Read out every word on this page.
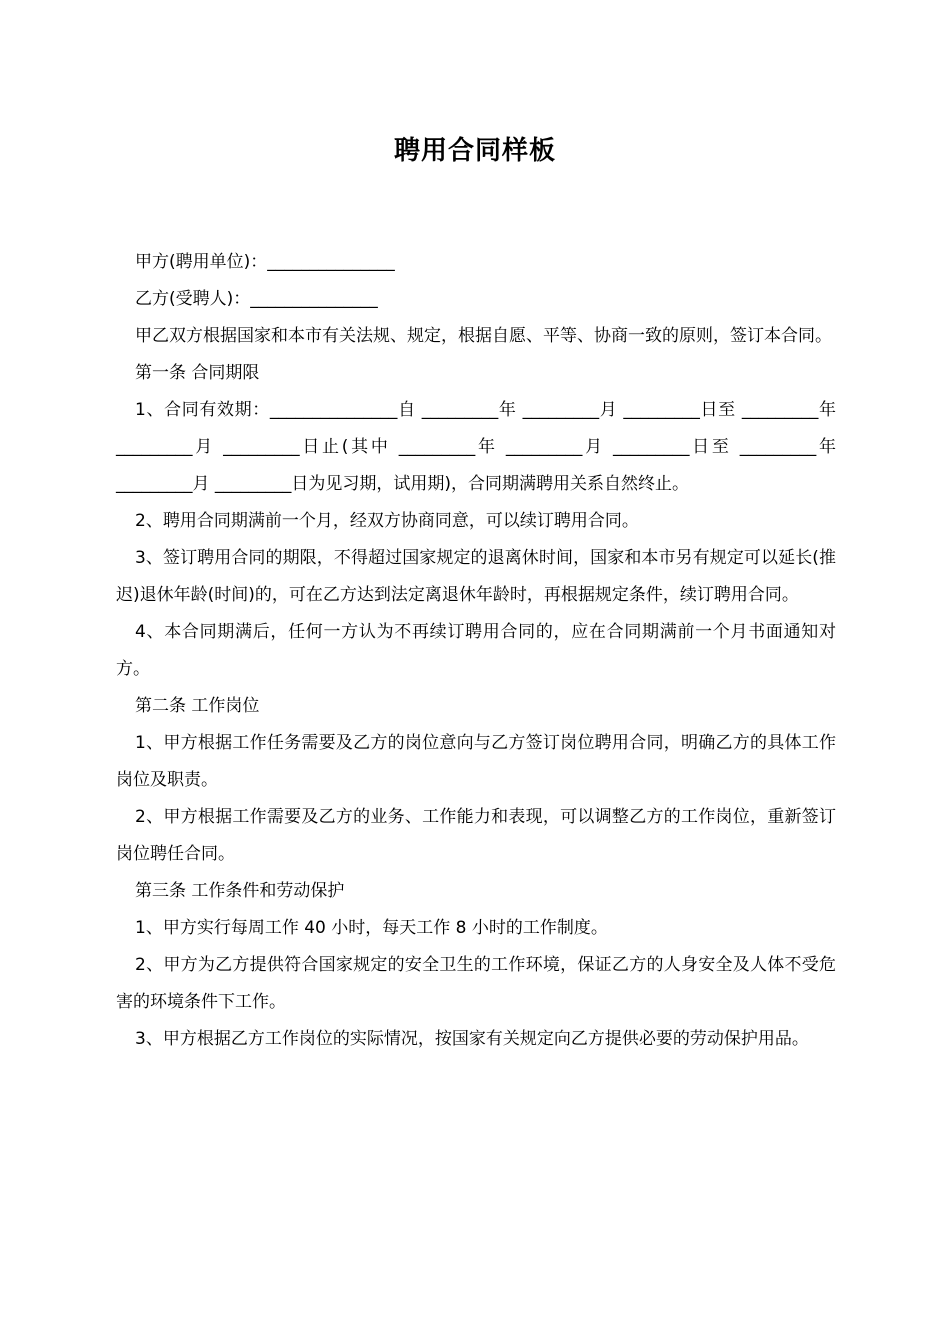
聘用合同样板

甲方(聘用单位)：_______________

乙方(受聘人)：_______________

甲乙双方根据国家和本市有关法规、规定，根据自愿、平等、协商一致的原则，签订本合同。

第一条 合同期限

1、合同有效期：_______________自 _________年 _________月 _________日至 _________年 _________月 _________日止(其中 _________年 _________月 _________日至 _________年 _________月 _________日为见习期，试用期)，合同期满聘用关系自然终止。

2、聘用合同期满前一个月，经双方协商同意，可以续订聘用合同。

3、签订聘用合同的期限，不得超过国家规定的退离休时间，国家和本市另有规定可以延长(推迟)退休年龄(时间)的，可在乙方达到法定离退休年龄时，再根据规定条件，续订聘用合同。

4、本合同期满后，任何一方认为不再续订聘用合同的，应在合同期满前一个月书面通知对方。

第二条 工作岗位

1、甲方根据工作任务需要及乙方的岗位意向与乙方签订岗位聘用合同，明确乙方的具体工作岗位及职责。

2、甲方根据工作需要及乙方的业务、工作能力和表现，可以调整乙方的工作岗位，重新签订岗位聘任合同。

第三条 工作条件和劳动保护

1、甲方实行每周工作 40 小时，每天工作 8 小时的工作制度。

2、甲方为乙方提供符合国家规定的安全卫生的工作环境，保证乙方的人身安全及人体不受危害的环境条件下工作。

3、甲方根据乙方工作岗位的实际情况，按国家有关规定向乙方提供必要的劳动保护用品。
